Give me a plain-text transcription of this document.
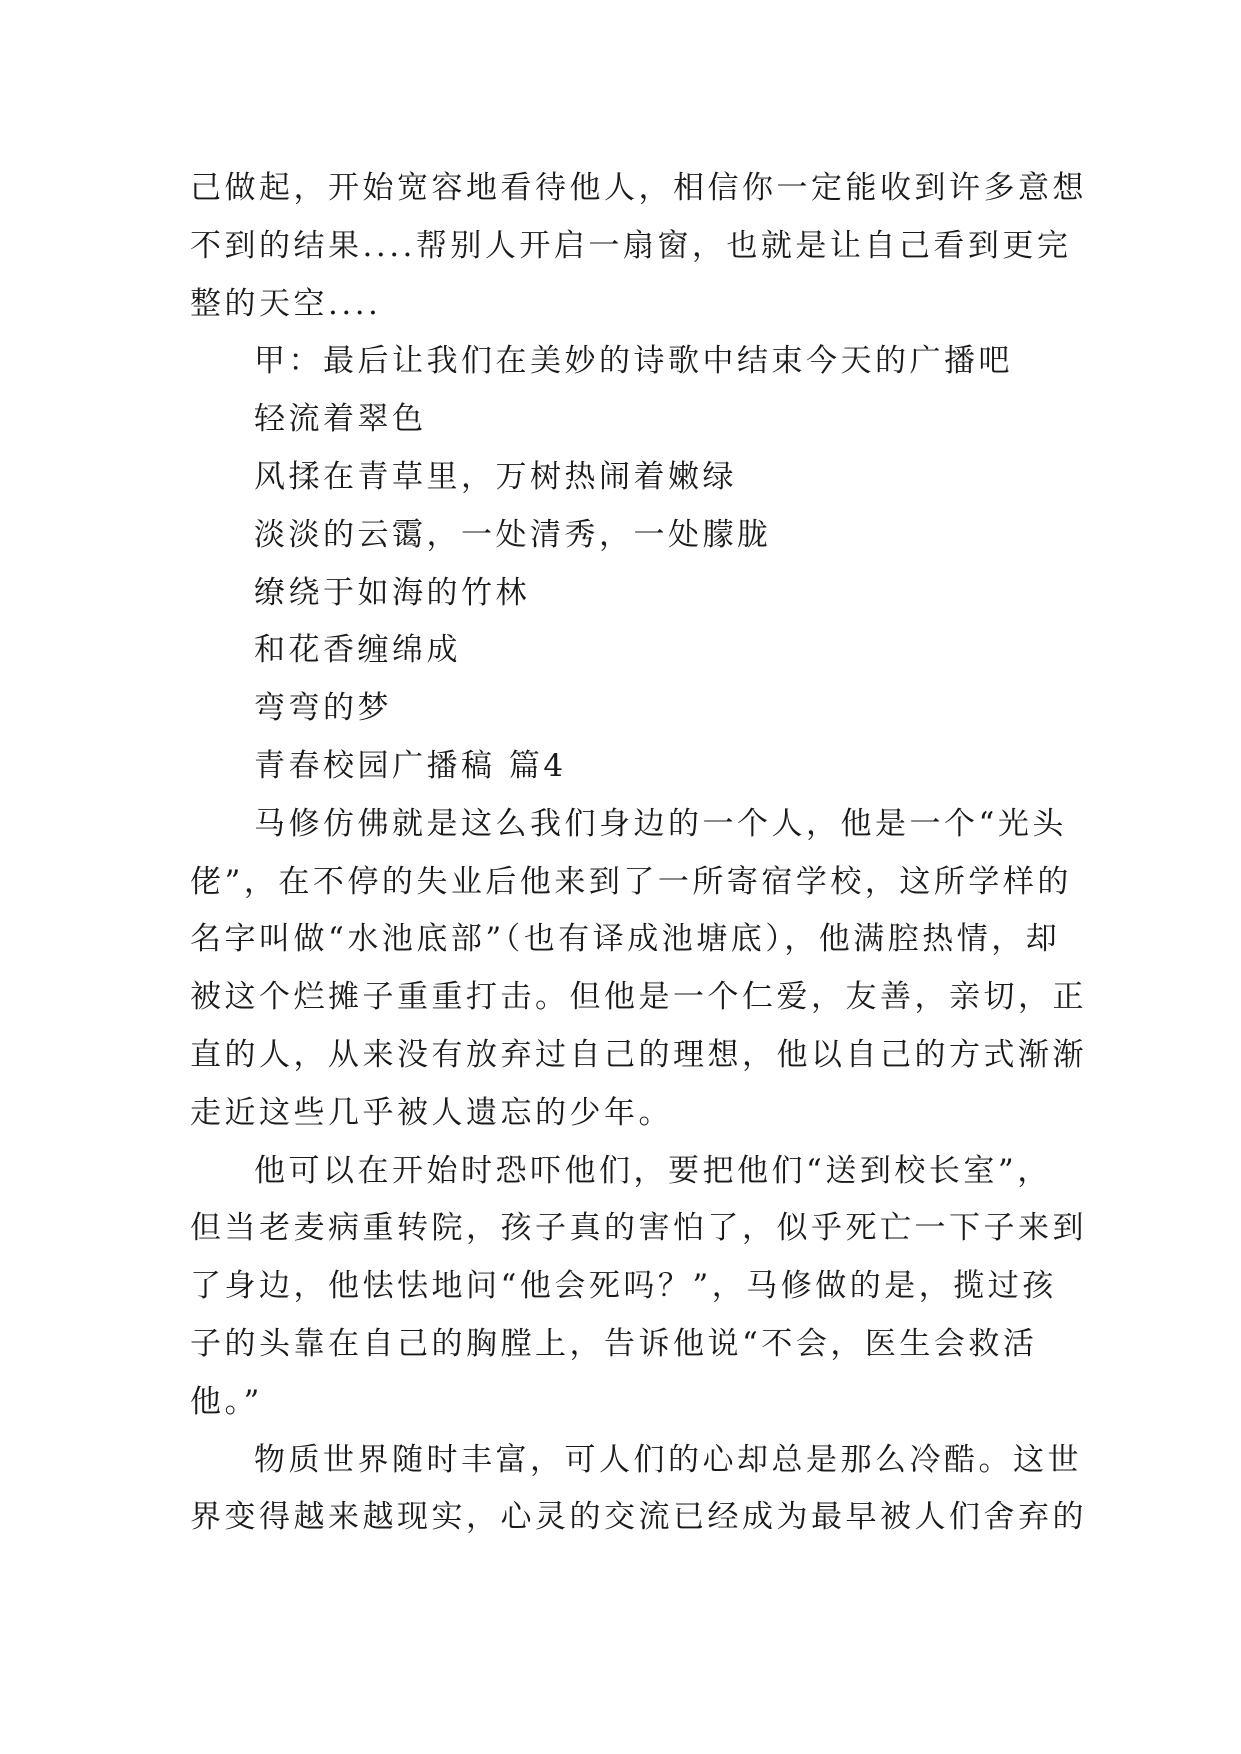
己做起，开始宽容地看待他人，相信你一定能收到许多意想
不到的结果....帮别人开启一扇窗，也就是让自己看到更完
整的天空....
甲：最后让我们在美妙的诗歌中结束今天的广播吧
轻流着翠色
风揉在青草里，万树热闹着嫩绿
淡淡的云霭，一处清秀，一处朦胧
缭绕于如海的竹林
和花香缠绵成
弯弯的梦
青春校园广播稿 篇4
马修仿佛就是这么我们身边的一个人，他是一个“光头
佬”，在不停的失业后他来到了一所寄宿学校，这所学样的
名字叫做“水池底部”（也有译成池塘底），他满腔热情，却
被这个烂摊子重重打击。但他是一个仁爱，友善，亲切，正
直的人，从来没有放弃过自己的理想，他以自己的方式渐渐
走近这些几乎被人遗忘的少年。
他可以在开始时恐吓他们，要把他们“送到校长室”，
但当老麦病重转院，孩子真的害怕了，似乎死亡一下子来到
了身边，他怯怯地问“他会死吗？”，马修做的是，揽过孩
子的头靠在自己的胸膛上，告诉他说“不会，医生会救活
他。”
物质世界随时丰富，可人们的心却总是那么冷酷。这世
界变得越来越现实，心灵的交流已经成为最早被人们舍弃的
